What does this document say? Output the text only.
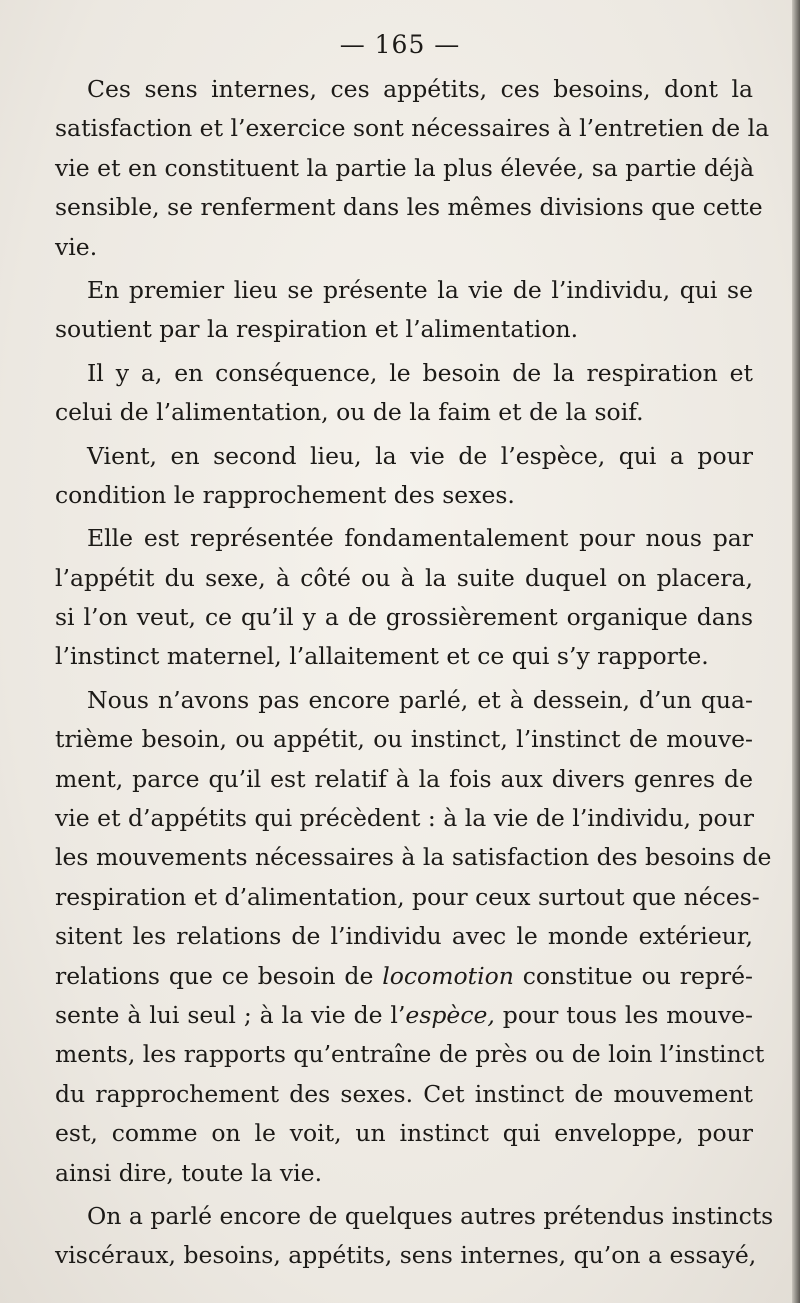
— 165 —
Ces sens internes, ces appétits, ces besoins, dont la
satisfaction et l’exercice sont nécessaires à l’entretien de la
vie et en constituent la partie la plus élevée, sa partie déjà
sensible, se renferment dans les mêmes divisions que cette
vie.
En premier lieu se présente la vie de l’individu, qui se
soutient par la respiration et l’alimentation.
Il y a, en conséquence, le besoin de la respiration et
celui de l’alimentation, ou de la faim et de la soif.
Vient, en second lieu, la vie de l’espèce, qui a pour
condition le rapprochement des sexes.
Elle est représentée fondamentalement pour nous par
l’appétit du sexe, à côté ou à la suite duquel on placera,
si l’on veut, ce qu’il y a de grossièrement organique dans
l’instinct maternel, l’allaitement et ce qui s’y rapporte.
Nous n’avons pas encore parlé, et à dessein, d’un qua-
trième besoin, ou appétit, ou instinct, l’instinct de mouve-
ment, parce qu’il est relatif à la fois aux divers genres de
vie et d’appétits qui précèdent : à la vie de l’individu, pour
les mouvements nécessaires à la satisfaction des besoins de
respiration et d’alimentation, pour ceux surtout que néces-
sitent les relations de l’individu avec le monde extérieur,
relations que ce besoin de locomotion constitue ou repré-
sente à lui seul ; à la vie de l’espèce, pour tous les mouve-
ments, les rapports qu’entraîne de près ou de loin l’instinct
du rapprochement des sexes. Cet instinct de mouvement
est, comme on le voit, un instinct qui enveloppe, pour
ainsi dire, toute la vie.
On a parlé encore de quelques autres prétendus instincts
viscéraux, besoins, appétits, sens internes, qu’on a essayé,
